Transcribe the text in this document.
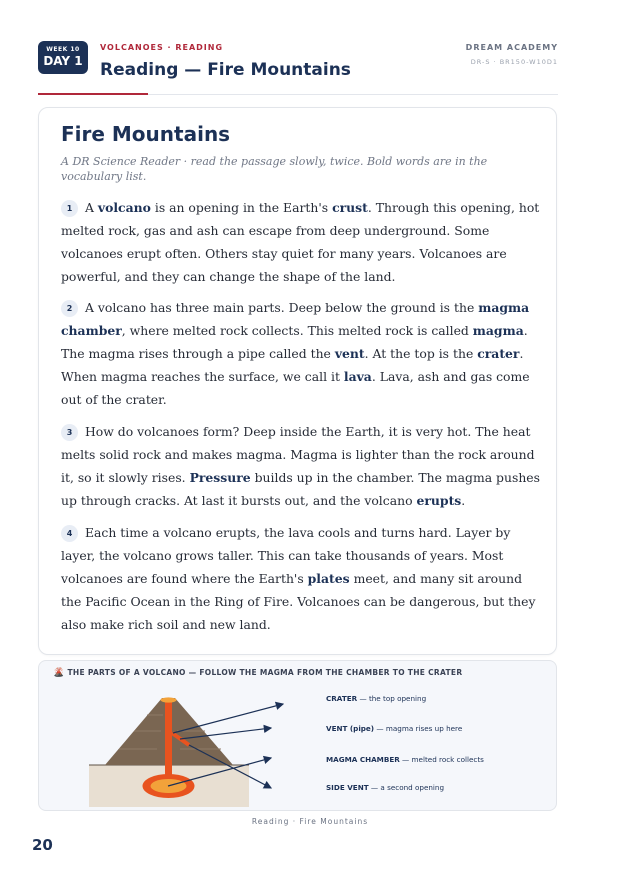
WEEK 10
DAY 1
VOLCANOES · READING
Reading — Fire Mountains
DREAM ACADEMY
DR-S · BR150-W10D1
Fire Mountains

A DR Science Reader · read the passage slowly, twice. Bold words are in the vocabulary list.

1 A volcano is an opening in the Earth's crust. Through this opening, hot melted rock, gas and ash can escape from deep underground. Some volcanoes erupt often. Others stay quiet for many years. Volcanoes are powerful, and they can change the shape of the land.

2 A volcano has three main parts. Deep below the ground is the magma chamber, where melted rock collects. This melted rock is called magma. The magma rises through a pipe called the vent. At the top is the crater. When magma reaches the surface, we call it lava. Lava, ash and gas come out of the crater.

3 How do volcanoes form? Deep inside the Earth, it is very hot. The heat melts solid rock and makes magma. Magma is lighter than the rock around it, so it slowly rises. Pressure builds up in the chamber. The magma pushes up through cracks. At last it bursts out, and the volcano erupts.

4 Each time a volcano erupts, the lava cools and turns hard. Layer by layer, the volcano grows taller. This can take thousands of years. Most volcanoes are found where the Earth's plates meet, and many sit around the Pacific Ocean in the Ring of Fire. Volcanoes can be dangerous, but they also make rich soil and new land.

🌋 THE PARTS OF A VOLCANO — FOLLOW THE MAGMA FROM THE CHAMBER TO THE CRATER
CRATER — the top opening
VENT (pipe) — magma rises up here
MAGMA CHAMBER — melted rock collects
SIDE VENT — a second opening
Reading · Fire Mountains
20
